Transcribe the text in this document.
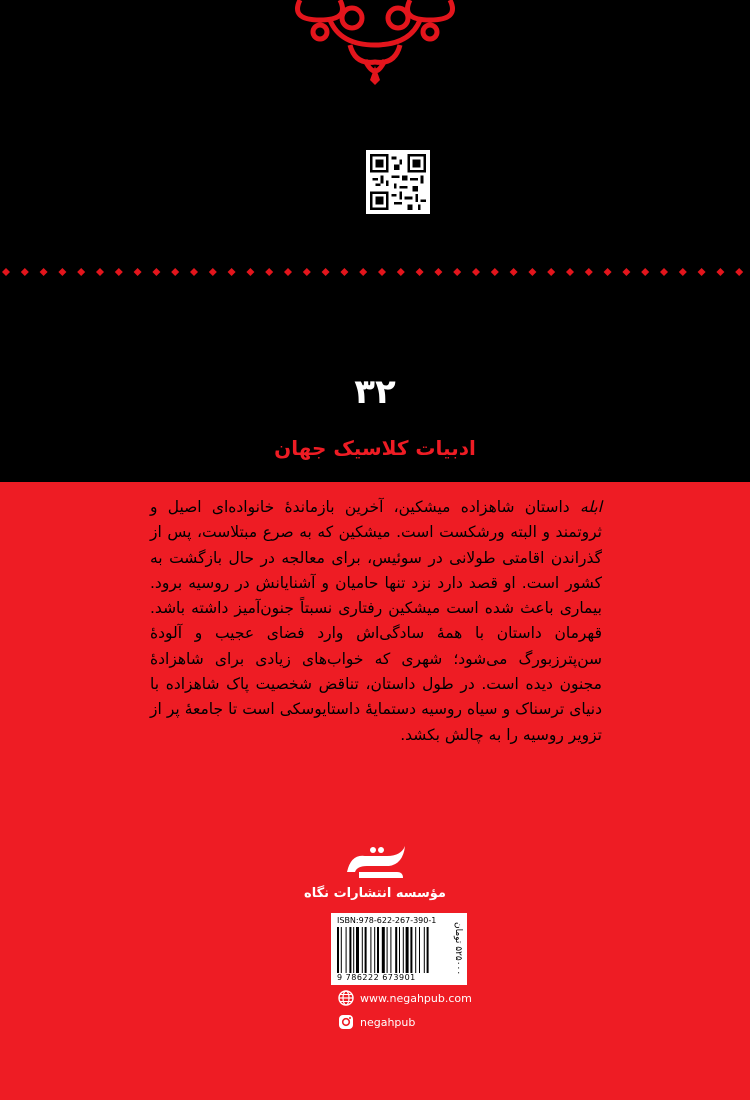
۳۲
ادبیات کلاسیک جهان
ابله داستان شاهزاده میشکین، آخرین بازماندهٔ خانواده‌ای اصیل و ثروتمند و البته ورشکست است. میشکین که به صرع مبتلاست، پس از گذراندن اقامتی طولانی در سوئیس، برای معالجه در حال بازگشت به کشور است. او قصد دارد نزد تنها حامیان و آشنایانش در روسیه برود. بیماری باعث شده است میشکین رفتاری نسبتاً جنون‌آمیز داشته باشد. قهرمان داستان با همهٔ سادگی‌اش وارد فضای عجیب و آلودهٔ سن‌پترزبورگ می‌شود؛ شهری که خواب‌های زیادی برای شاهزادهٔ مجنون دیده است. در طول داستان، تناقض شخصیت پاک شاهزاده با دنیای ترسناک و سیاه روسیه دستمایهٔ داستایوسکی است تا جامعهٔ پر از تزویر روسیه را به چالش بکشد.
مؤسسه انتشارات نگاه
ISBN:978-622-267-390-1
9 786222 673901
۵۲۵۰۰۰ تومان
www.negahpub.com
negahpub
